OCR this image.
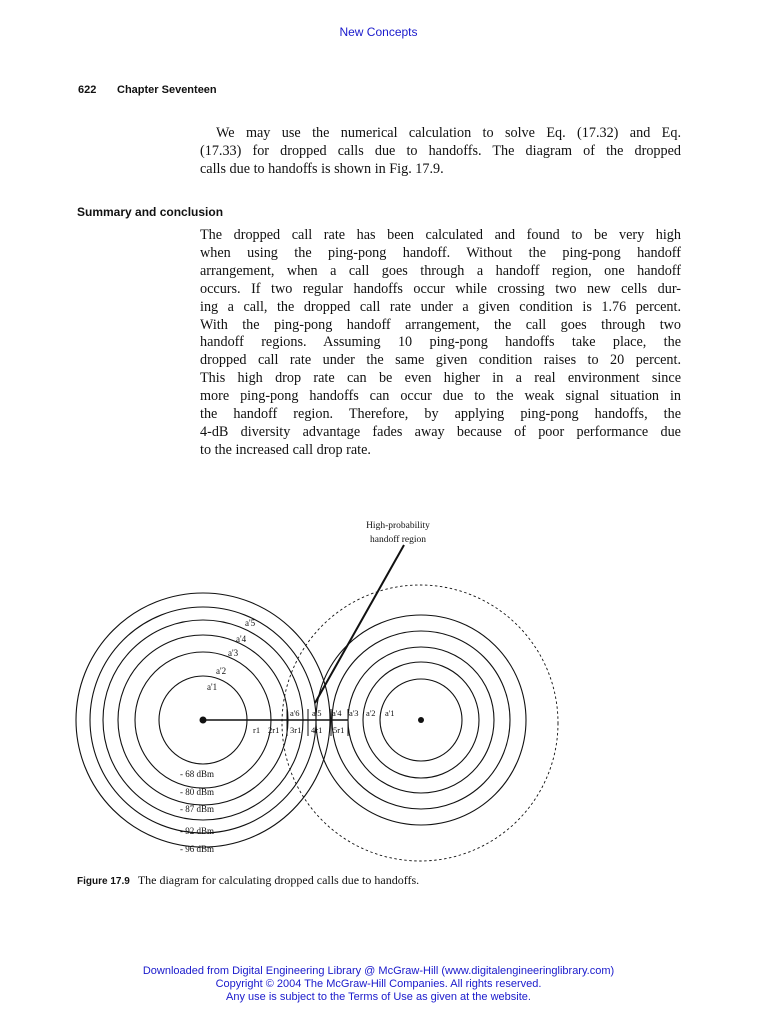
New Concepts
622 Chapter Seventeen
We may use the numerical calculation to solve Eq. (17.32) and Eq.
(17.33) for dropped calls due to handoffs. The diagram of the dropped
calls due to handoffs is shown in Fig. 17.9.
Summary and conclusion
The dropped call rate has been calculated and found to be very high
when using the ping-pong handoff. Without the ping-pong handoff
arrangement, when a call goes through a handoff region, one handoff
occurs. If two regular handoffs occur while crossing two new cells dur-
ing a call, the dropped call rate under a given condition is 1.76 percent.
With the ping-pong handoff arrangement, the call goes through two
handoff regions. Assuming 10 ping-pong handoffs take place, the
dropped call rate under the same given condition raises to 20 percent.
This high drop rate can be even higher in a real environment since
more ping-pong handoffs can occur due to the weak signal situation in
the handoff region. Therefore, by applying ping-pong handoffs, the
4-dB diversity advantage fades away because of poor performance due
to the increased call drop rate.
High-probability
handoff region
a'5
a'4
a'3
a'2
a'1
a'6 a'5 a'4 a'3 a'2 a'1
r1 2r1 3r1 4r1 5r1
- 68 dBm
- 80 dBm
- 87 dBm
- 92 dBm
- 96 dBm
Figure 17.9 The diagram for calculating dropped calls due to handoffs.
Downloaded from Digital Engineering Library @ McGraw-Hill (www.digitalengineeringlibrary.com)
Copyright © 2004 The McGraw-Hill Companies. All rights reserved.
Any use is subject to the Terms of Use as given at the website.
